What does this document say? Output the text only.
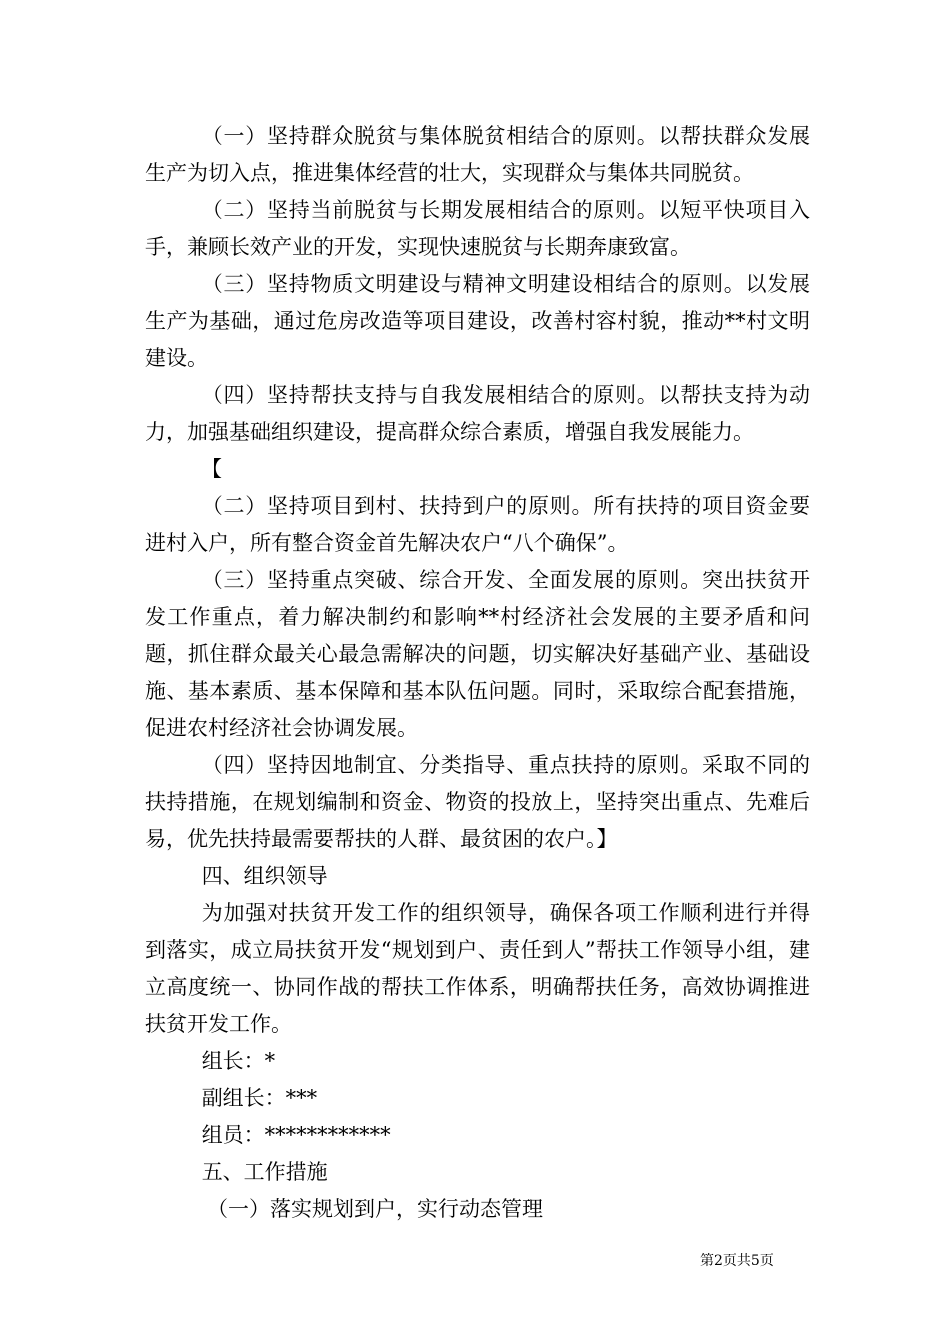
（一）坚持群众脱贫与集体脱贫相结合的原则。以帮扶群众发展生产为切入点，推进集体经营的壮大，实现群众与集体共同脱贫。

（二）坚持当前脱贫与长期发展相结合的原则。以短平快项目入手，兼顾长效产业的开发，实现快速脱贫与长期奔康致富。

（三）坚持物质文明建设与精神文明建设相结合的原则。以发展生产为基础，通过危房改造等项目建设，改善村容村貌，推动**村文明建设。

（四）坚持帮扶支持与自我发展相结合的原则。以帮扶支持为动力，加强基础组织建设，提高群众综合素质，增强自我发展能力。

【

（二）坚持项目到村、扶持到户的原则。所有扶持的项目资金要进村入户，所有整合资金首先解决农户“八个确保”。

（三）坚持重点突破、综合开发、全面发展的原则。突出扶贫开发工作重点，着力解决制约和影响**村经济社会发展的主要矛盾和问题，抓住群众最关心最急需解决的问题，切实解决好基础产业、基础设施、基本素质、基本保障和基本队伍问题。同时，采取综合配套措施，促进农村经济社会协调发展。

（四）坚持因地制宜、分类指导、重点扶持的原则。采取不同的扶持措施，在规划编制和资金、物资的投放上，坚持突出重点、先难后易，优先扶持最需要帮扶的人群、最贫困的农户。】

四、组织领导

为加强对扶贫开发工作的组织领导，确保各项工作顺利进行并得到落实，成立局扶贫开发“规划到户、责任到人”帮扶工作领导小组，建立高度统一、协同作战的帮扶工作体系，明确帮扶任务，高效协调推进扶贫开发工作。

组长：*

副组长：***

组员：************

五、工作措施

（一）落实规划到户，实行动态管理

第2页共5页
